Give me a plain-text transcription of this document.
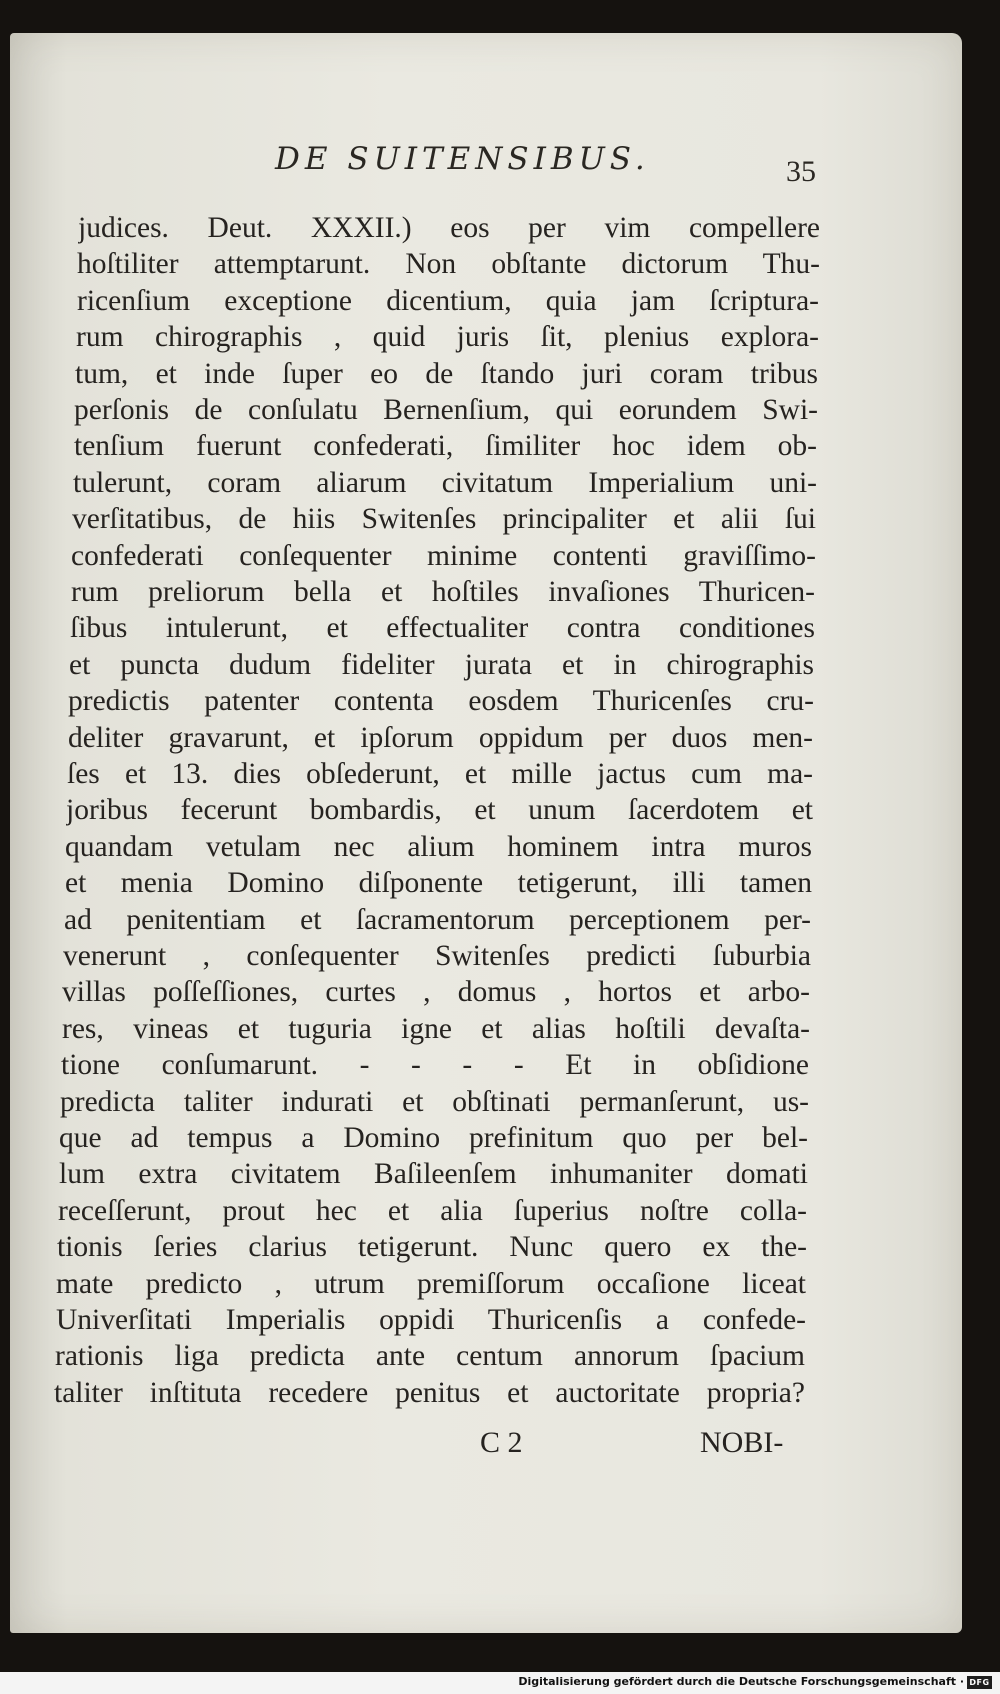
DE SUITENSIBUS.	35
judices. Deut. XXXII.) eos per vim compellere
hoſtiliter attemptarunt. Non obſtante dictorum Thu-
ricenſium exceptione dicentium, quia jam ſcriptura-
rum chirographis , quid juris ſit, plenius explora-
tum, et inde ſuper eo de ſtando juri coram tribus
perſonis de conſulatu Bernenſium, qui eorundem Swi-
tenſium fuerunt confederati, ſimiliter hoc idem ob-
tulerunt, coram aliarum civitatum Imperialium uni-
verſitatibus, de hiis Switenſes principaliter et alii ſui
confederati conſequenter minime contenti graviſſimo-
rum preliorum bella et hoſtiles invaſiones Thuricen-
ſibus intulerunt, et effectualiter contra conditiones
et puncta dudum fideliter jurata et in chirographis
predictis patenter contenta eosdem Thuricenſes cru-
deliter gravarunt, et ipſorum oppidum per duos men-
ſes et 13. dies obſederunt, et mille jactus cum ma-
joribus fecerunt bombardis, et unum ſacerdotem et
quandam vetulam nec alium hominem intra muros
et menia Domino diſponente tetigerunt, illi tamen
ad penitentiam et ſacramentorum perceptionem per-
venerunt , conſequenter Switenſes predicti ſuburbia
villas poſſeſſiones, curtes , domus , hortos et arbo-
res, vineas et tuguria igne et alias hoſtili devaſta-
tione conſumarunt. - - - - Et in obſidione
predicta taliter indurati et obſtinati permanſerunt, us-
que ad tempus a Domino prefinitum quo per bel-
lum extra civitatem Baſileenſem inhumaniter domati
receſſerunt, prout hec et alia ſuperius noſtre colla-
tionis ſeries clarius tetigerunt. Nunc quero ex the-
mate predicto , utrum premiſſorum occaſione liceat
Univerſitati Imperialis oppidi Thuricenſis a confede-
rationis liga predicta ante centum annorum ſpacium
taliter inſtituta recedere penitus et auctoritate propria?
C 2	NOBI-
Digitalisierung gefördert durch die Deutsche Forschungsgemeinschaft · DFG
